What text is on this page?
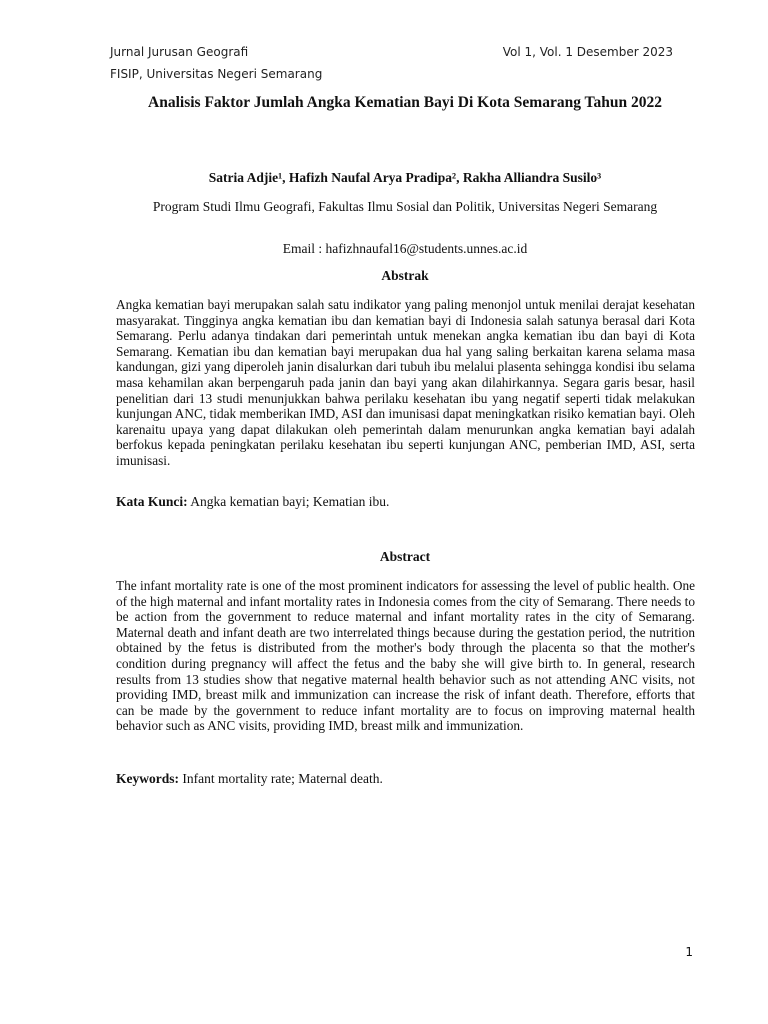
Jurnal Jurusan Geografi	Vol 1, Vol. 1 Desember 2023
FISIP, Universitas Negeri Semarang
Analisis Faktor Jumlah Angka Kematian Bayi Di Kota Semarang Tahun 2022
Satria Adjie¹, Hafizh Naufal Arya Pradipa², Rakha Alliandra Susilo³
Program Studi Ilmu Geografi, Fakultas Ilmu Sosial dan Politik, Universitas Negeri Semarang
Email : hafizhnaufal16@students.unnes.ac.id
Abstrak

Angka kematian bayi merupakan salah satu indikator yang paling menonjol untuk menilai derajat kesehatan masyarakat. Tingginya angka kematian ibu dan kematian bayi di Indonesia salah satunya berasal dari Kota Semarang. Perlu adanya tindakan dari pemerintah untuk menekan angka kematian ibu dan bayi di Kota Semarang. Kematian ibu dan kematian bayi merupakan dua hal yang saling berkaitan karena selama masa kandungan, gizi yang diperoleh janin disalurkan dari tubuh ibu melalui plasenta sehingga kondisi ibu selama masa kehamilan akan berpengaruh pada janin dan bayi yang akan dilahirkannya. Segara garis besar, hasil penelitian dari 13 studi menunjukkan bahwa perilaku kesehatan ibu yang negatif seperti tidak melakukan kunjungan ANC, tidak memberikan IMD, ASI dan imunisasi dapat meningkatkan risiko kematian bayi. Oleh karenaitu upaya yang dapat dilakukan oleh pemerintah dalam menurunkan angka kematian bayi adalah berfokus kepada peningkatan perilaku kesehatan ibu seperti kunjungan ANC, pemberian IMD, ASI, serta imunisasi.

Kata Kunci: Angka kematian bayi; Kematian ibu.
Abstract

The infant mortality rate is one of the most prominent indicators for assessing the level of public health. One of the high maternal and infant mortality rates in Indonesia comes from the city of Semarang. There needs to be action from the government to reduce maternal and infant mortality rates in the city of Semarang. Maternal death and infant death are two interrelated things because during the gestation period, the nutrition obtained by the fetus is distributed from the mother's body through the placenta so that the mother's condition during pregnancy will affect the fetus and the baby she will give birth to. In general, research results from 13 studies show that negative maternal health behavior such as not attending ANC visits, not providing IMD, breast milk and immunization can increase the risk of infant death. Therefore, efforts that can be made by the government to reduce infant mortality are to focus on improving maternal health behavior such as ANC visits, providing IMD, breast milk and immunization.

Keywords: Infant mortality rate; Maternal death.
1
